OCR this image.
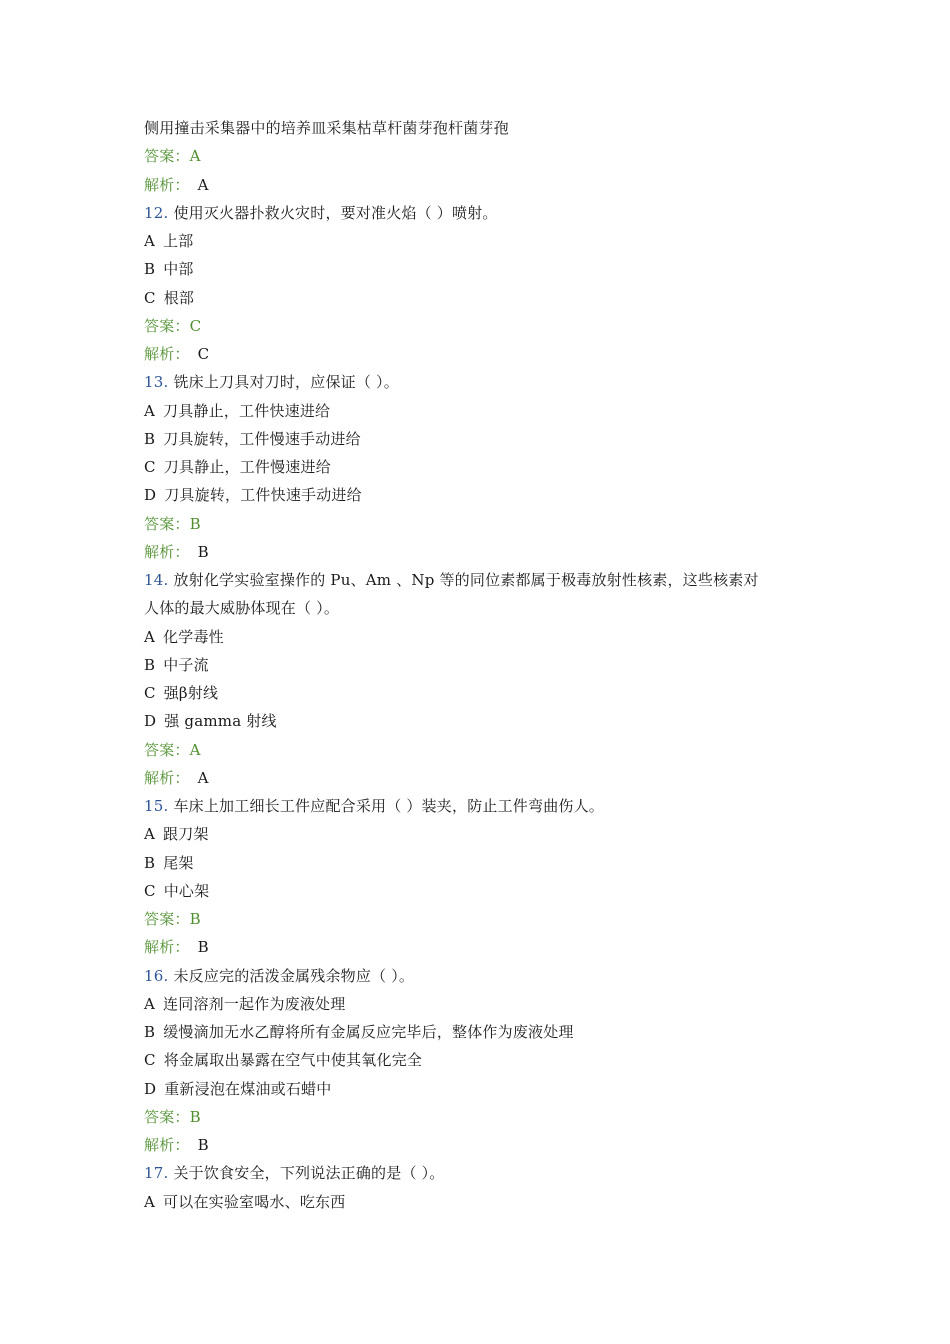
侧用撞击采集器中的培养皿采集枯草杆菌芽孢杆菌芽孢
答案：A
解析： A
12. 使用灭火器扑救火灾时，要对准火焰（ ）喷射。
A 上部
B 中部
C 根部
答案：C
解析： C
13. 铣床上刀具对刀时，应保证（ ）。
A 刀具静止，工件快速进给
B 刀具旋转，工件慢速手动进给
C 刀具静止，工件慢速进给
D 刀具旋转，工件快速手动进给
答案：B
解析： B
14. 放射化学实验室操作的 Pu、Am 、Np 等的同位素都属于极毒放射性核素，这些核素对
人体的最大威胁体现在（ ）。
A 化学毒性
B 中子流
C 强β射线
D 强 gamma 射线
答案：A
解析： A
15. 车床上加工细长工件应配合采用（ ）装夹，防止工件弯曲伤人。
A 跟刀架
B 尾架
C 中心架
答案：B
解析： B
16. 未反应完的活泼金属残余物应（ ）。
A 连同溶剂一起作为废液处理
B 缓慢滴加无水乙醇将所有金属反应完毕后，整体作为废液处理
C 将金属取出暴露在空气中使其氧化完全
D 重新浸泡在煤油或石蜡中
答案：B
解析： B
17. 关于饮食安全，下列说法正确的是（ ）。
A 可以在实验室喝水、吃东西
